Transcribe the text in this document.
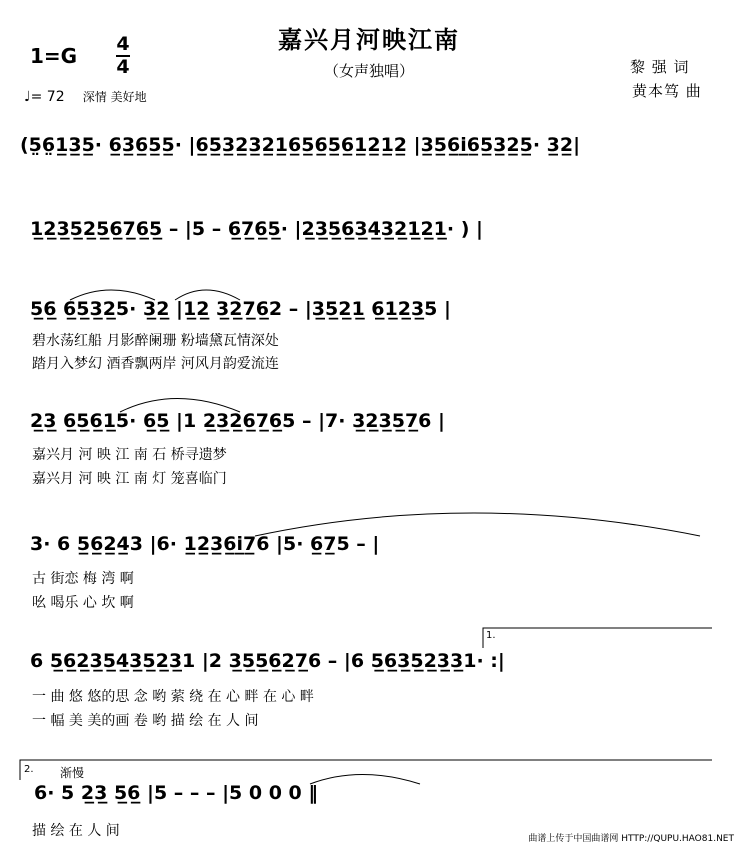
嘉兴月河映江南
（女声独唱）
1=G 4
4
♩= 72 深情 美好地
黎 强 词
黄本笃 曲
(5̤6̤1̲3̲5̲· 6̲3̲6̲5̲5̲· |6̲5̲3̲2̲3̲2̲1̲6̲5̲6̲5̲6̲1̲2̲1̲2̲ |3̲5̲6̲i̲6̲5̲3̲2̲5̲· 3̲2̲|
1̲2̲3̲5̲2̲5̲6̲7̲6̲5̲ – |5 – 6̲7̲6̲5̲· |2̲3̲5̲6̲3̲4̲3̲2̲1̲2̲1̲· ) |
5̲6̲ 6̲5̲3̲2̲5· 3̲2̲ |1̲2̲ 3̲2̲7̲6̲2 – |3̲5̲2̲1̲ 6̲1̲2̲3̲5 |
碧水荡红船 月影醉阑珊 粉墙黛瓦情深处
踏月入梦幻 酒香飘两岸 河风月韵爱流连
2̲3̲ 6̲5̲6̲1̲5· 6̲5̲ |1 2̲3̲2̲6̲7̲6̲5 – |7· 3̲2̲3̲5̲7̲6 |
嘉兴月 河 映 江 南 石 桥寻遗梦
嘉兴月 河 映 江 南 灯 笼喜临门
3· 6 5̲6̲2̲4̲3 |6· 1̲2̲3̲6̲i̲7̲6 |5· 6̲7̲5 – |
古 街恋 梅 湾 啊
吆 喝乐 心 坎 啊
1.
6 5̲6̲2̲3̲5̲4̲3̲5̲2̲3̲1 |2 3̲5̲5̲6̲2̲7̲6 – |6 5̲6̲3̲5̲2̲3̲3̲1· :|
一 曲 悠 悠的思 念 哟 萦 绕 在 心 畔 在 心 畔
一 幅 美 美的画 卷 哟 描 绘 在 人 间
2. 渐慢
6· 5 2̲3̲ 5̲6̲ |5 – – – |5 0 0 0 ‖
描 绘 在 人 间	曲谱上传于中国曲谱网 HTTP://QUPU.HAO81.NET
